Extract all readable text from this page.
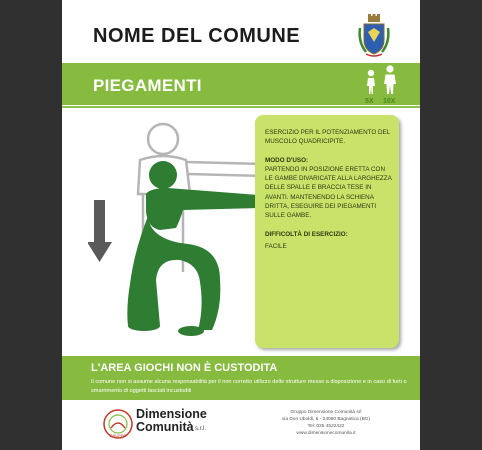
NOME DEL COMUNE
PIEGAMENTI
5X 10X

ESERCIZIO PER IL POTENZIAMENTO DEL MUSCOLO QUADRICIPITE.

MODO D'USO:

PARTENDO IN POSIZIONE ERETTA CON LE GAMBE DIVARICATE ALLA LARGHEZZA DELLE SPALLE E BRACCIA TESE IN AVANTI. MANTENENDO LA SCHIENA DRITTA, ESEGUIRE DEI PIEGAMENTI SULLE GAMBE.

DIFFICOLTÀ DI ESERCIZIO:

FACILE

L'AREA GIOCHI NON È CUSTODITA
Il comune non si assume alcuna responsabilità per il non corretto utilizzo delle strutture messe a disposizione e in caso di furti o smarrimento di oggetti lasciati incustoditi
GRUPPO
Dimensione
Comunità s.r.l.
Gruppo Dimensione Comunità srl
via Don Uboldi, 6 - 24060 Bagnatica (BG)
Tel: 035 4522422
www.dimensionecomunita.it
